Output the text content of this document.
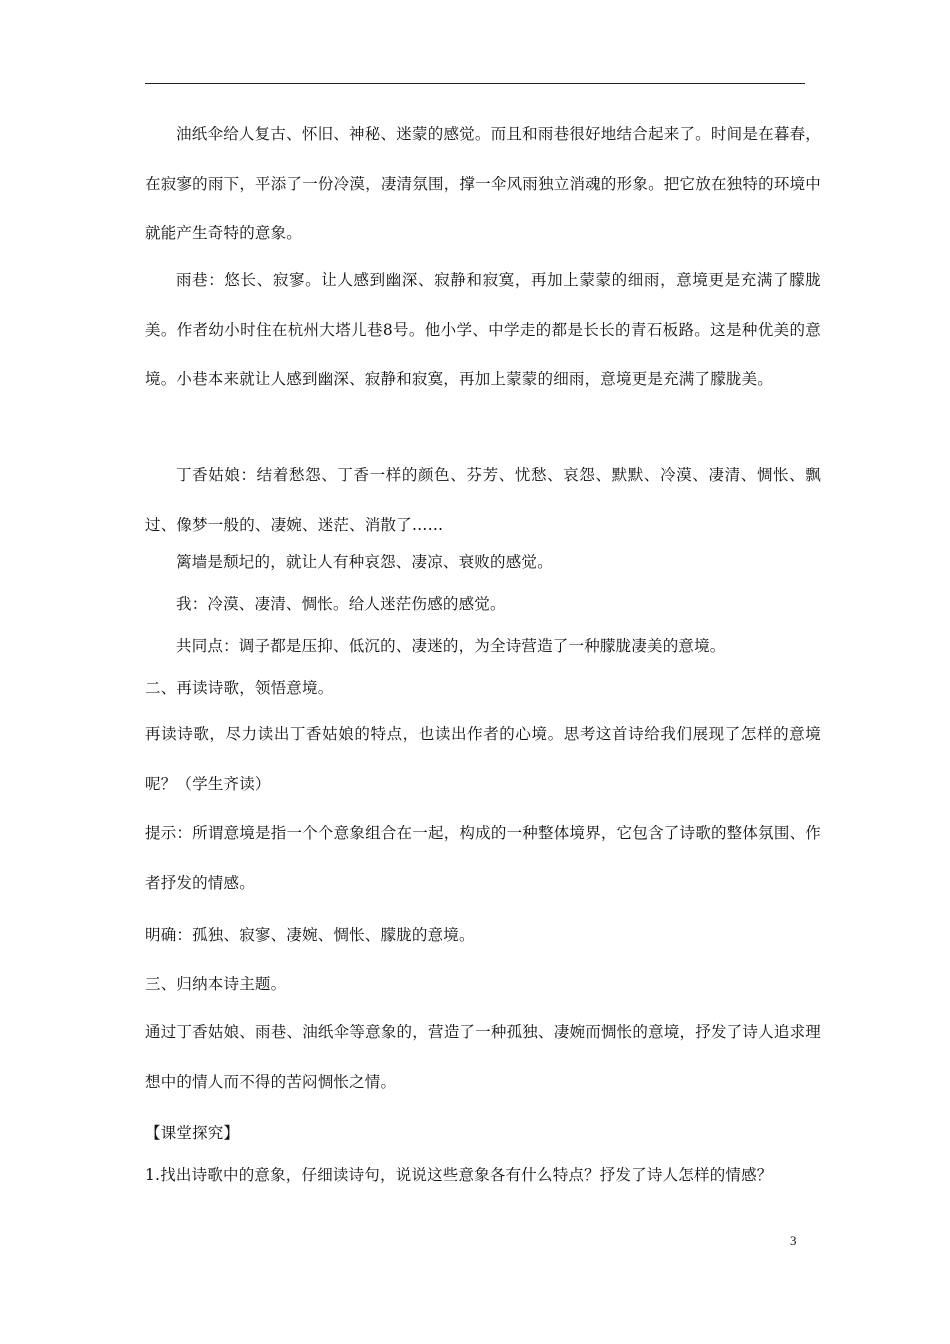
油纸伞给人复古、怀旧、神秘、迷蒙的感觉。而且和雨巷很好地结合起来了。时间是在暮春，在寂寥的雨下，平添了一份冷漠，凄清氛围，撑一伞风雨独立消魂的形象。把它放在独特的环境中就能产生奇特的意象。

雨巷：悠长、寂寥。让人感到幽深、寂静和寂寞，再加上蒙蒙的细雨，意境更是充满了朦胧美。作者幼小时住在杭州大塔儿巷8号。他小学、中学走的都是长长的青石板路。这是种优美的意境。小巷本来就让人感到幽深、寂静和寂寞，再加上蒙蒙的细雨，意境更是充满了朦胧美。

丁香姑娘：结着愁怨、丁香一样的颜色、芬芳、忧愁、哀怨、默默、冷漠、凄清、惆怅、飘过、像梦一般的、凄婉、迷茫、消散了……

篱墙是颓圮的，就让人有种哀怨、凄凉、衰败的感觉。

我：冷漠、凄清、惆怅。给人迷茫伤感的感觉。

共同点：调子都是压抑、低沉的、凄迷的，为全诗营造了一种朦胧凄美的意境。

二、再读诗歌，领悟意境。

再读诗歌，尽力读出丁香姑娘的特点，也读出作者的心境。思考这首诗给我们展现了怎样的意境呢？（学生齐读）

提示：所谓意境是指一个个意象组合在一起，构成的一种整体境界，它包含了诗歌的整体氛围、作者抒发的情感。

明确：孤独、寂寥、凄婉、惆怅、朦胧的意境。

三、归纳本诗主题。

通过丁香姑娘、雨巷、油纸伞等意象的，营造了一种孤独、凄婉而惆怅的意境，抒发了诗人追求理想中的情人而不得的苦闷惆怅之情。

【课堂探究】

1.找出诗歌中的意象，仔细读诗句，说说这些意象各有什么特点？抒发了诗人怎样的情感？

3
